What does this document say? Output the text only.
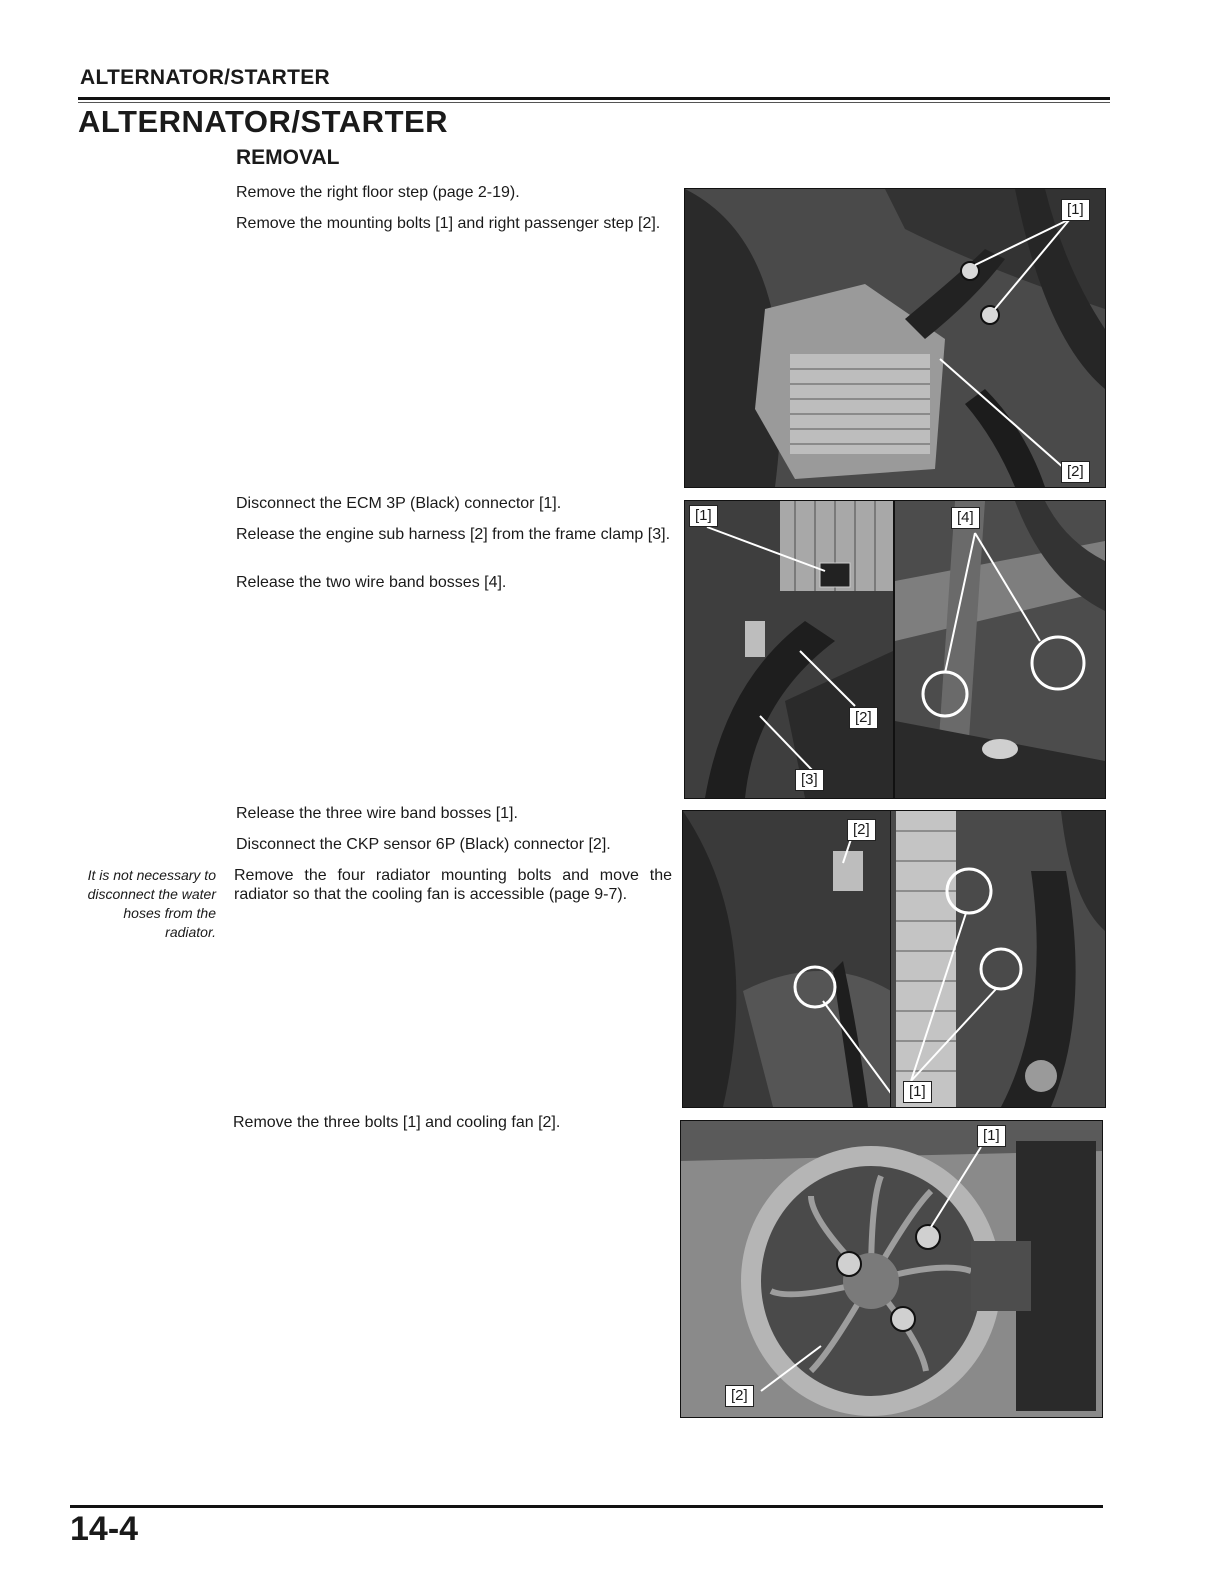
ALTERNATOR/STARTER
ALTERNATOR/STARTER
REMOVAL
Remove the right floor step (page 2-19).
Remove the mounting bolts [1] and right passenger step [2].
Disconnect the ECM 3P (Black) connector [1].
Release the engine sub harness [2] from the frame clamp [3].
Release the two wire band bosses [4].
Release the three wire band bosses [1].
Disconnect the CKP sensor 6P (Black) connector [2].
Remove the four radiator mounting bolts and move the radiator so that the cooling fan is accessible (page 9-7).
It is not necessary to disconnect the water hoses from the radiator.
Remove the three bolts [1] and cooling fan [2].
[1]
[2]
[1]
[2]
[3]
[4]
[2]
[1]
[1]
[2]
14-4
